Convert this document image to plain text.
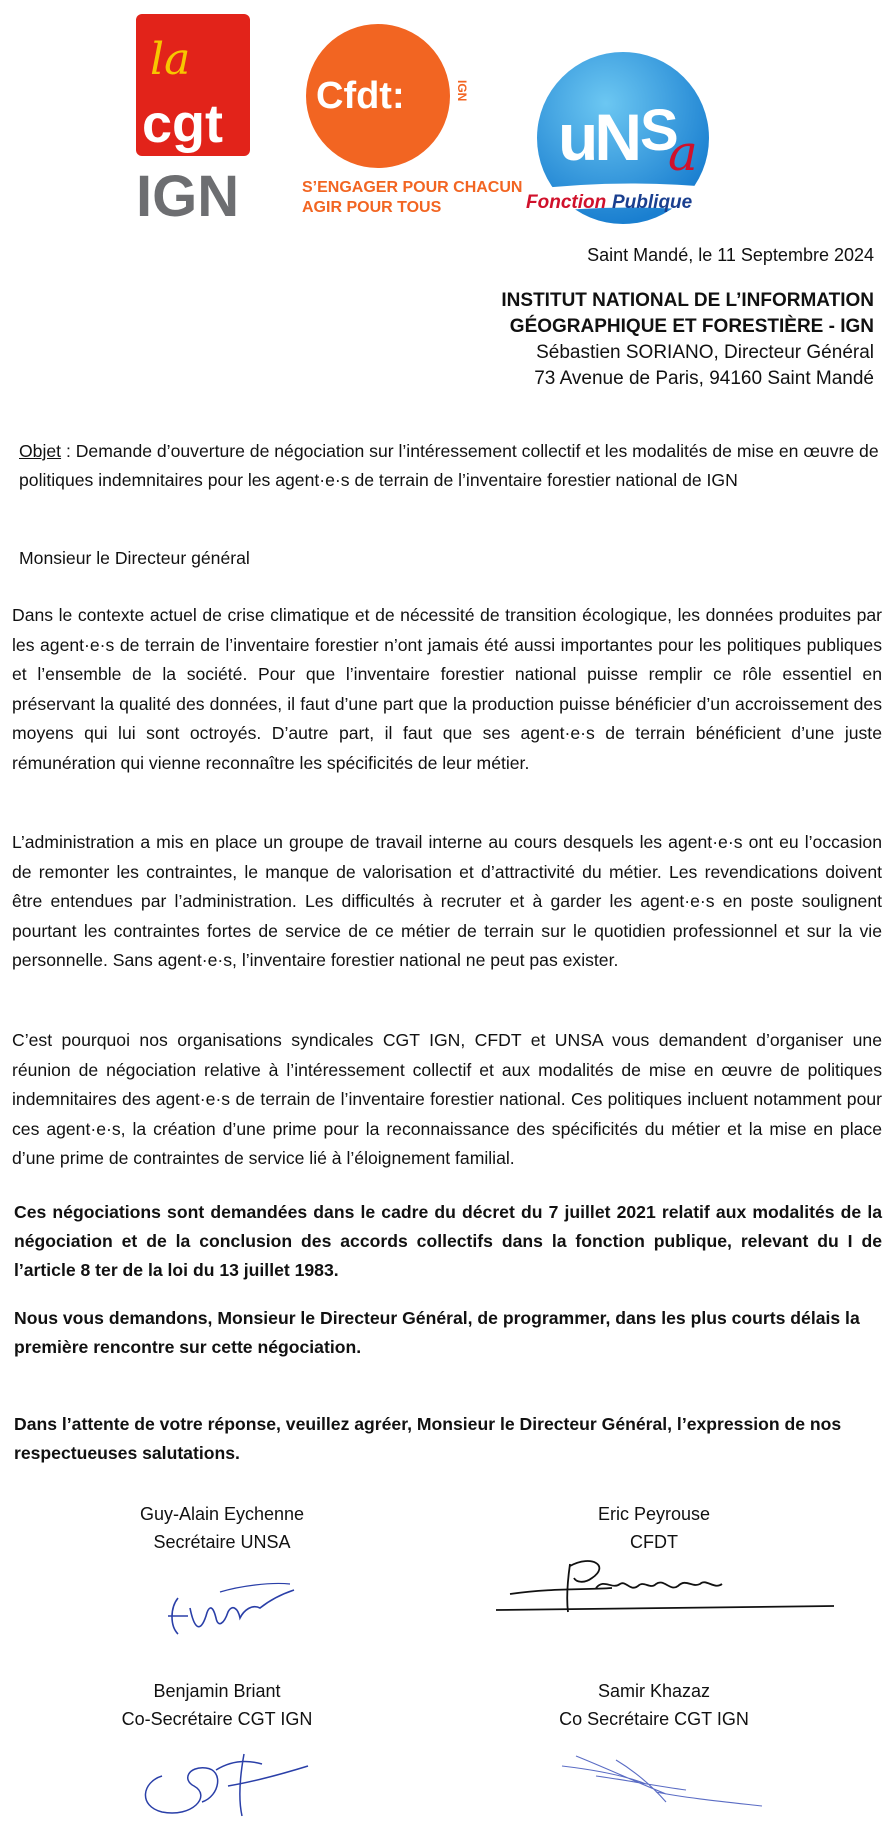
la
cgt
IGN
Cfdt:	IGN
S’ENGAGER POUR CHACUN
AGIR POUR TOUS
uN S
a
Fonction Publique
Saint Mandé, le 11 Septembre 2024
INSTITUT NATIONAL DE L’INFORMATION
GÉOGRAPHIQUE ET FORESTIÈRE - IGN
Sébastien SORIANO, Directeur Général
73 Avenue de Paris, 94160 Saint Mandé
Objet : Demande d’ouverture de négociation sur l’intéressement collectif et les modalités de mise en œuvre de politiques indemnitaires pour les agent·e·s de terrain de l’inventaire forestier national de IGN
Monsieur le Directeur général
Dans le contexte actuel de crise climatique et de nécessité de transition écologique, les données produites par les agent·e·s de terrain de l’inventaire forestier n’ont jamais été aussi importantes pour les politiques publiques et l’ensemble de la société. Pour que l’inventaire forestier national puisse remplir ce rôle essentiel en préservant la qualité des données, il faut d’une part que la production puisse bénéficier d’un accroissement des moyens qui lui sont octroyés. D’autre part, il faut que ses agent·e·s de terrain bénéficient d’une juste rémunération qui vienne reconnaître les spécificités de leur métier.
L’administration a mis en place un groupe de travail interne au cours desquels les agent·e·s ont eu l’occasion de remonter les contraintes, le manque de valorisation et d’attractivité du métier. Les revendications doivent être entendues par l’administration. Les difficultés à recruter et à garder les agent·e·s en poste soulignent pourtant les contraintes fortes de service de ce métier de terrain sur le quotidien professionnel et sur la vie personnelle. Sans agent·e·s, l’inventaire forestier national ne peut pas exister.
C’est pourquoi nos organisations syndicales CGT IGN, CFDT et UNSA vous demandent d’organiser une réunion de négociation relative à l’intéressement collectif et aux modalités de mise en œuvre de politiques indemnitaires des agent·e·s de terrain de l’inventaire forestier national. Ces politiques incluent notamment pour ces agent·e·s, la création d’une prime pour la reconnaissance des spécificités du métier et la mise en place d’une prime de contraintes de service lié à l’éloignement familial.
Ces négociations sont demandées dans le cadre du décret du 7 juillet 2021 relatif aux modalités de la négociation et de la conclusion des accords collectifs dans la fonction publique, relevant du I de l’article 8 ter de la loi du 13 juillet 1983.
Nous vous demandons, Monsieur le Directeur Général, de programmer, dans les plus courts délais la première rencontre sur cette négociation.
Dans l’attente de votre réponse, veuillez agréer, Monsieur le Directeur Général, l’expression de nos respectueuses salutations.
Guy-Alain Eychenne
Secrétaire UNSA
Eric Peyrouse
CFDT
Benjamin Briant
Co-Secrétaire CGT IGN
Samir Khazaz
Co Secrétaire CGT IGN
